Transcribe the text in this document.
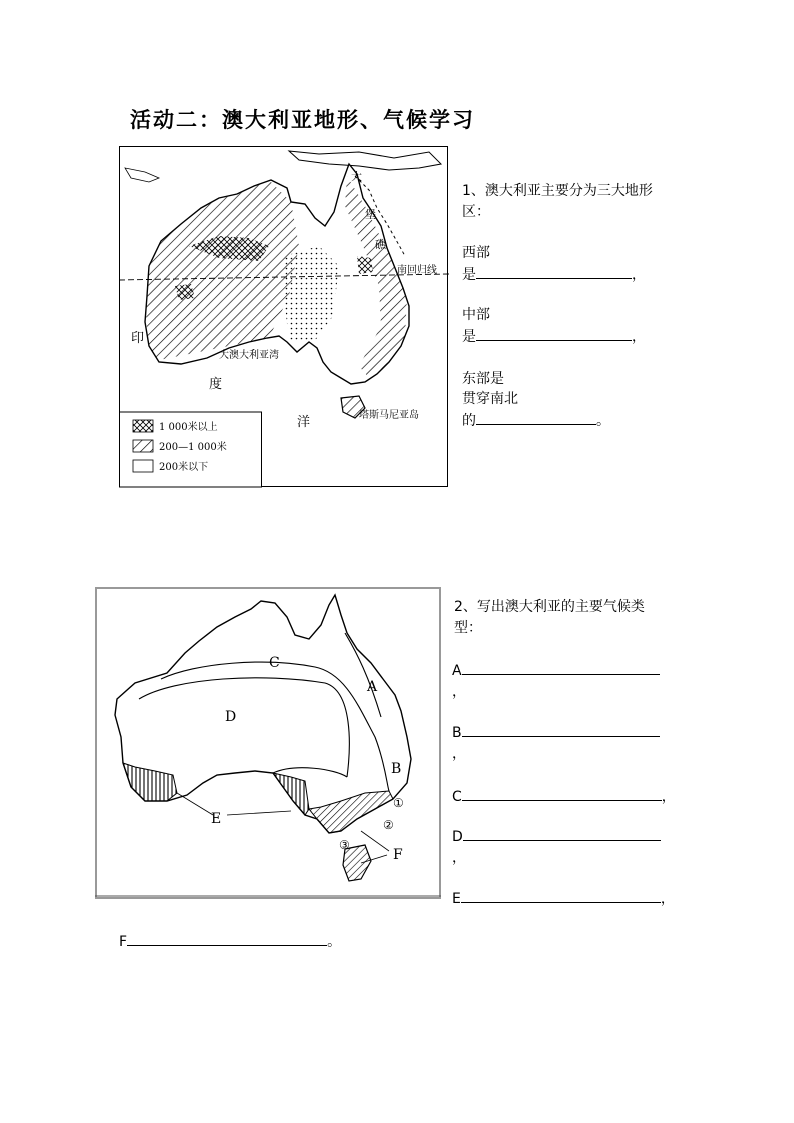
活动二：澳大利亚地形、气候学习
大
堡
礁
南回归线
大澳大利亚湾
印
度
洋	塔斯马尼亚岛
1 000米以上
200—1 000米
200米以下
1、澳大利亚主要分为三大地形
区：
西部
是	，
中部
是	，
东部是
贯穿南北
的	。
C
D
A
B
E
F
①
②
③
2、写出澳大利亚的主要气候类
型：
A
，
B
，
C	，
D
，
E	，
F	。
